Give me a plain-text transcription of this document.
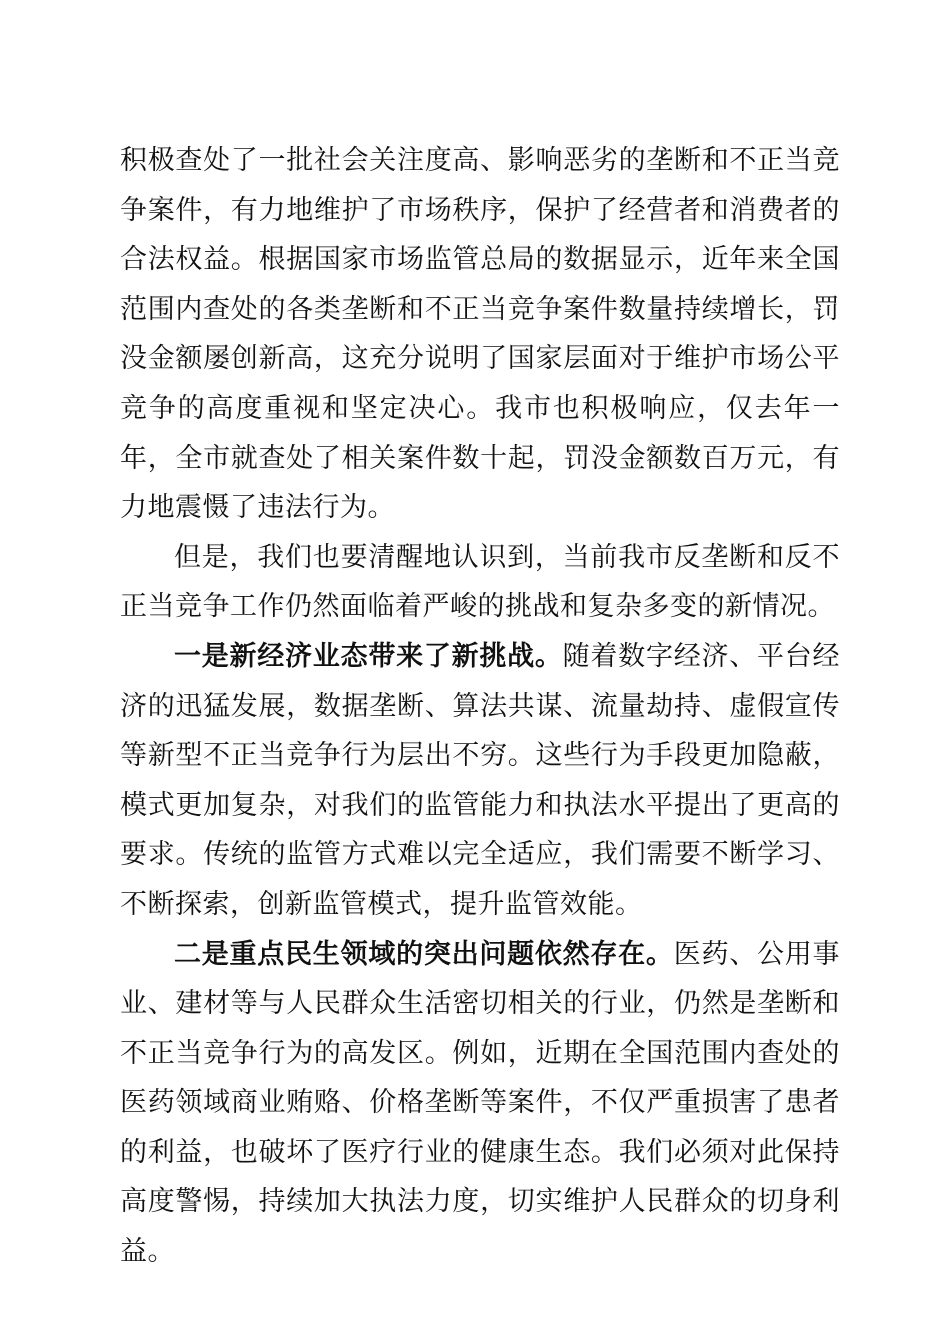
积极查处了一批社会关注度高、影响恶劣的垄断和不正当竞争案件，有力地维护了市场秩序，保护了经营者和消费者的合法权益。根据国家市场监管总局的数据显示，近年来全国范围内查处的各类垄断和不正当竞争案件数量持续增长，罚没金额屡创新高，这充分说明了国家层面对于维护市场公平竞争的高度重视和坚定决心。我市也积极响应，仅去年一年，全市就查处了相关案件数十起，罚没金额数百万元，有力地震慑了违法行为。

但是，我们也要清醒地认识到，当前我市反垄断和反不正当竞争工作仍然面临着严峻的挑战和复杂多变的新情况。

一是新经济业态带来了新挑战。随着数字经济、平台经济的迅猛发展，数据垄断、算法共谋、流量劫持、虚假宣传等新型不正当竞争行为层出不穷。这些行为手段更加隐蔽，模式更加复杂，对我们的监管能力和执法水平提出了更高的要求。传统的监管方式难以完全适应，我们需要不断学习、不断探索，创新监管模式，提升监管效能。

二是重点民生领域的突出问题依然存在。医药、公用事业、建材等与人民群众生活密切相关的行业，仍然是垄断和不正当竞争行为的高发区。例如，近期在全国范围内查处的医药领域商业贿赂、价格垄断等案件，不仅严重损害了患者的利益，也破坏了医疗行业的健康生态。我们必须对此保持高度警惕，持续加大执法力度，切实维护人民群众的切身利益。
